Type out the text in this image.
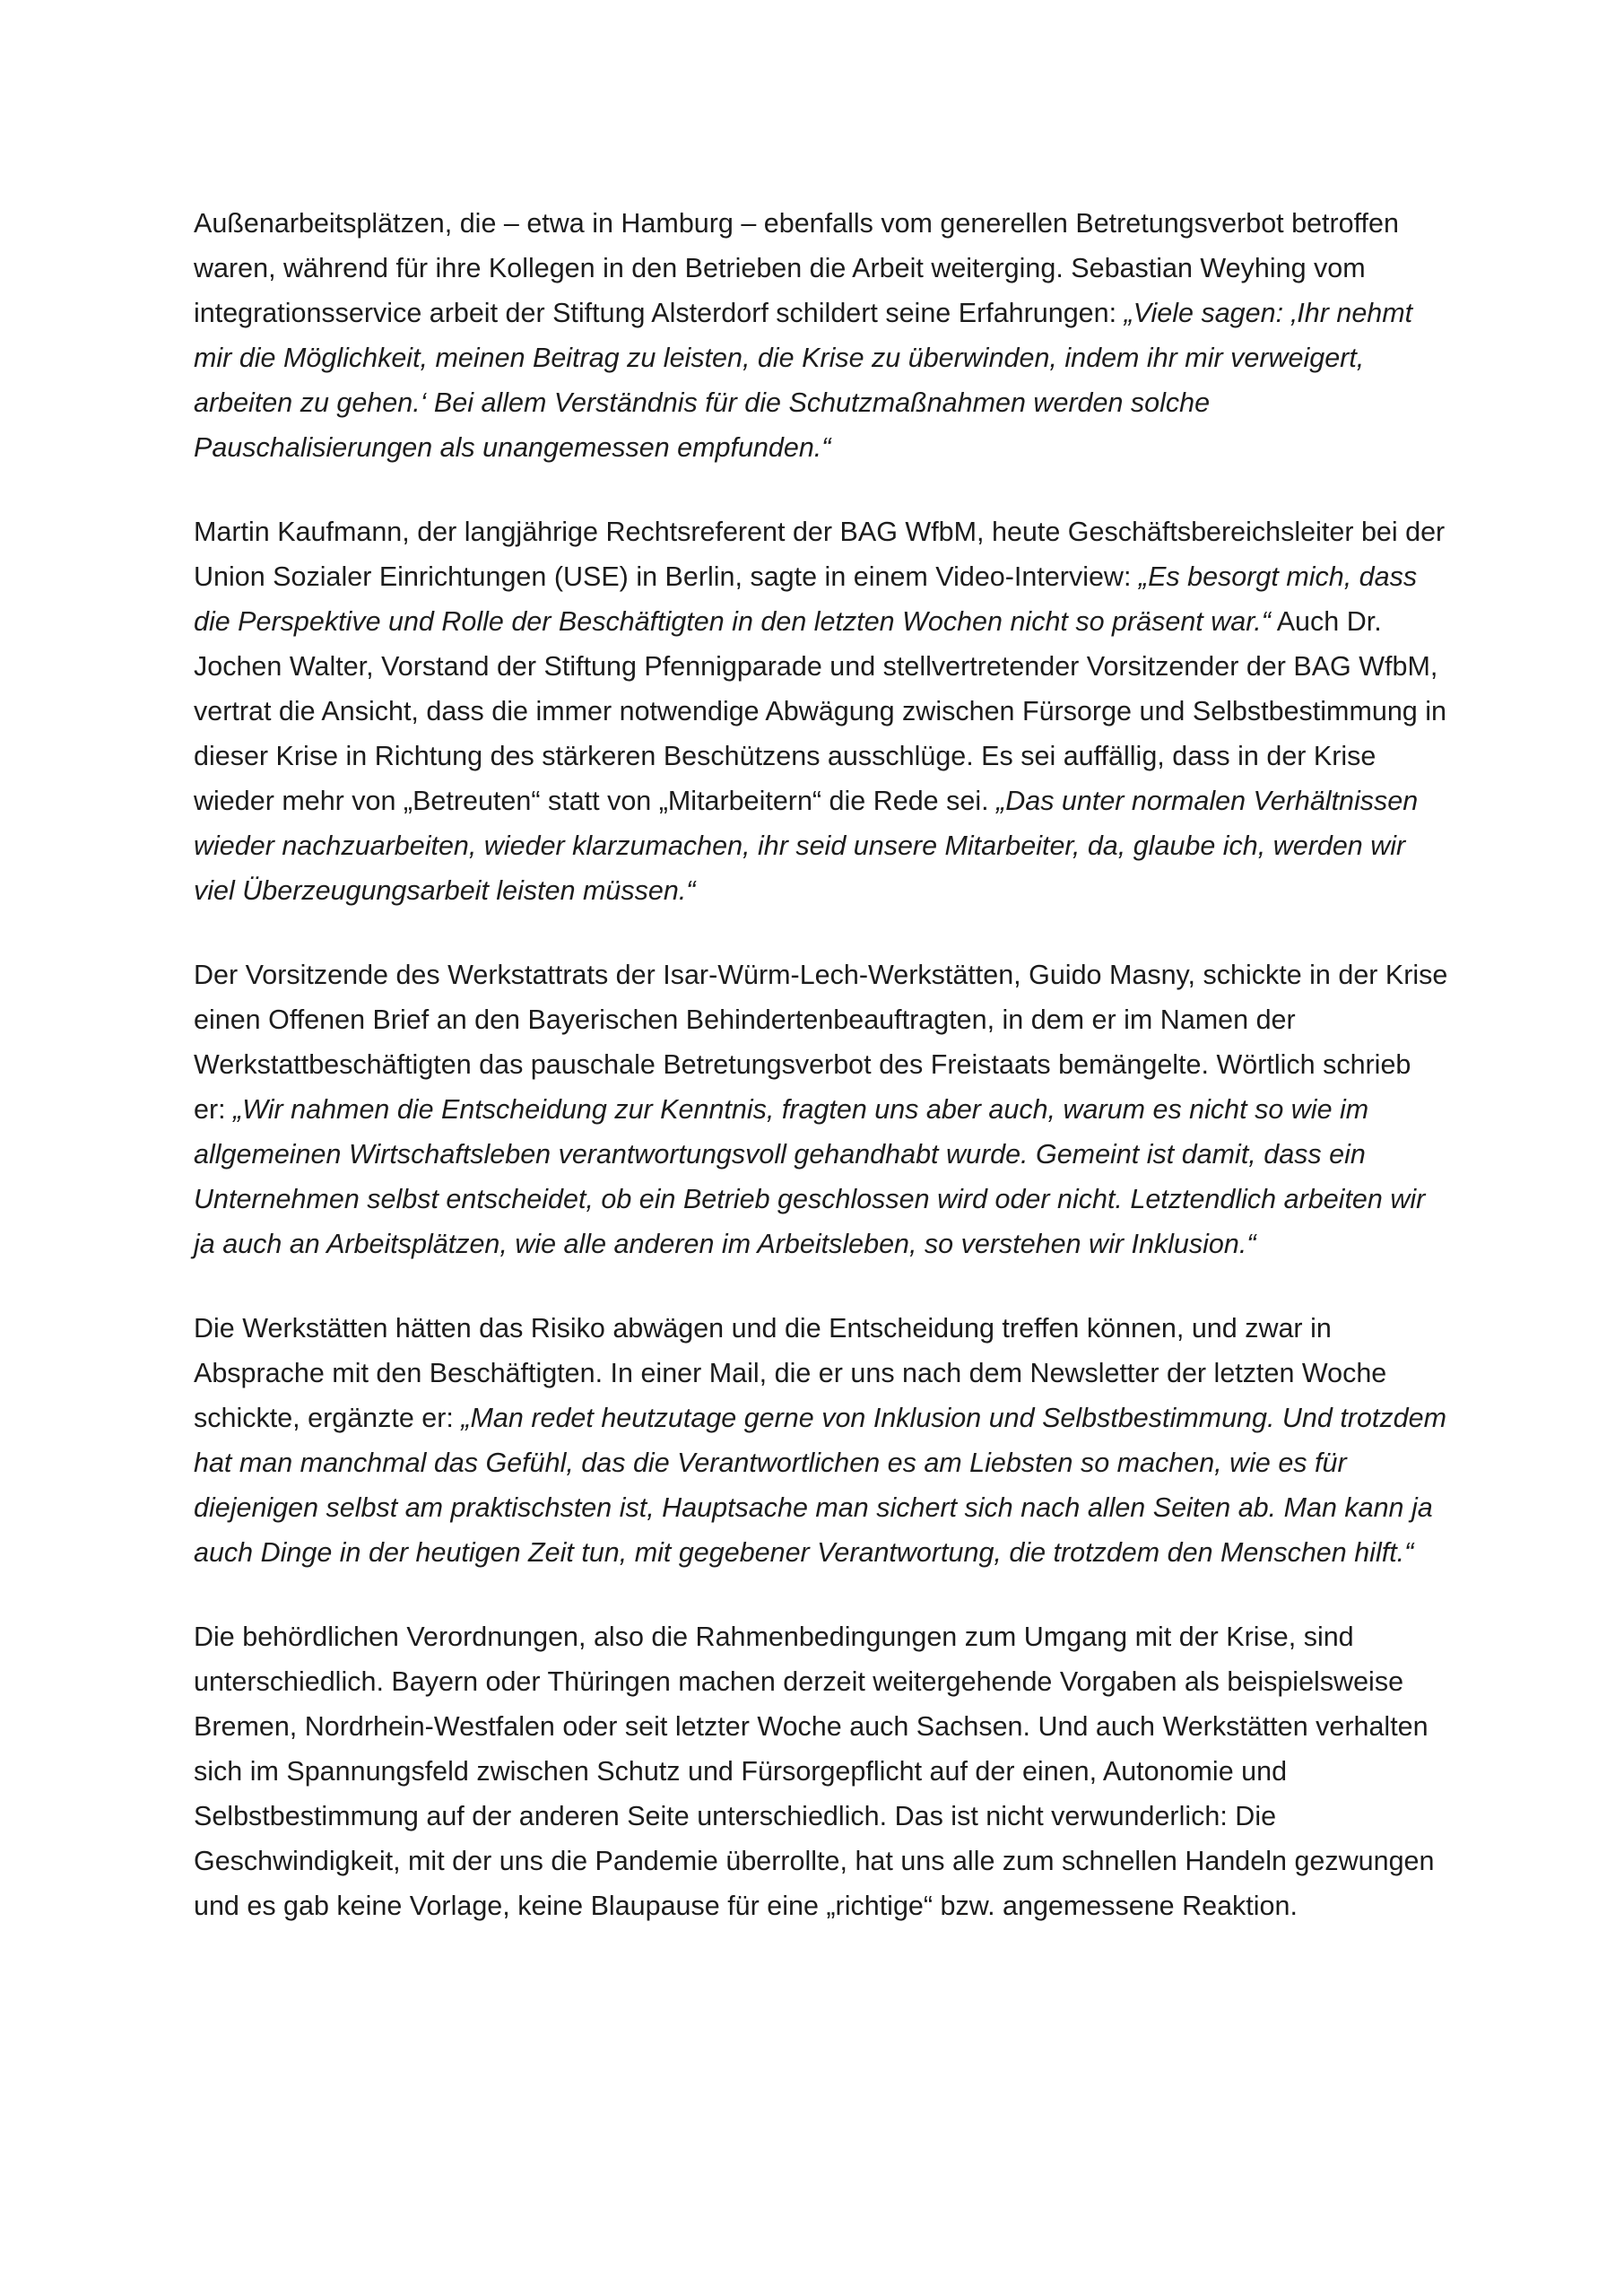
Außenarbeitsplätzen, die – etwa in Hamburg – ebenfalls vom generellen Betretungsverbot betroffen waren, während für ihre Kollegen in den Betrieben die Arbeit weiterging. Sebastian Weyhing vom integrationsservice arbeit der Stiftung Alsterdorf schildert seine Erfahrungen: „Viele sagen: ‚Ihr nehmt mir die Möglichkeit, meinen Beitrag zu leisten, die Krise zu überwinden, indem ihr mir verweigert, arbeiten zu gehen.‘ Bei allem Verständnis für die Schutzmaßnahmen werden solche Pauschalisierungen als unangemessen empfunden.“

Martin Kaufmann, der langjährige Rechtsreferent der BAG WfbM, heute Geschäftsbereichsleiter bei der Union Sozialer Einrichtungen (USE) in Berlin, sagte in einem Video-Interview: „Es besorgt mich, dass die Perspektive und Rolle der Beschäftigten in den letzten Wochen nicht so präsent war.“ Auch Dr. Jochen Walter, Vorstand der Stiftung Pfennigparade und stellvertretender Vorsitzender der BAG WfbM, vertrat die Ansicht, dass die immer notwendige Abwägung zwischen Fürsorge und Selbstbestimmung in dieser Krise in Richtung des stärkeren Beschützens ausschlüge. Es sei auffällig, dass in der Krise wieder mehr von „Betreuten“ statt von „Mitarbeitern“ die Rede sei. „Das unter normalen Verhältnissen wieder nachzuarbeiten, wieder klarzumachen, ihr seid unsere Mitarbeiter, da, glaube ich, werden wir viel Überzeugungsarbeit leisten müssen.“

Der Vorsitzende des Werkstattrats der Isar-Würm-Lech-Werkstätten, Guido Masny, schickte in der Krise einen Offenen Brief an den Bayerischen Behindertenbeauftragten, in dem er im Namen der Werkstattbeschäftigten das pauschale Betretungsverbot des Freistaats bemängelte. Wörtlich schrieb er: „Wir nahmen die Entscheidung zur Kenntnis, fragten uns aber auch, warum es nicht so wie im allgemeinen Wirtschaftsleben verantwortungsvoll gehandhabt wurde. Gemeint ist damit, dass ein Unternehmen selbst entscheidet, ob ein Betrieb geschlossen wird oder nicht. Letztendlich arbeiten wir ja auch an Arbeitsplätzen, wie alle anderen im Arbeitsleben, so verstehen wir Inklusion.“

Die Werkstätten hätten das Risiko abwägen und die Entscheidung treffen können, und zwar in Absprache mit den Beschäftigten. In einer Mail, die er uns nach dem Newsletter der letzten Woche schickte, ergänzte er: „Man redet heutzutage gerne von Inklusion und Selbstbestimmung. Und trotzdem hat man manchmal das Gefühl, das die Verantwortlichen es am Liebsten so machen, wie es für diejenigen selbst am praktischsten ist, Hauptsache man sichert sich nach allen Seiten ab. Man kann ja auch Dinge in der heutigen Zeit tun, mit gegebener Verantwortung, die trotzdem den Menschen hilft.“

Die behördlichen Verordnungen, also die Rahmenbedingungen zum Umgang mit der Krise, sind unterschiedlich. Bayern oder Thüringen machen derzeit weitergehende Vorgaben als beispielsweise Bremen, Nordrhein-Westfalen oder seit letzter Woche auch Sachsen. Und auch Werkstätten verhalten sich im Spannungsfeld zwischen Schutz und Fürsorgepflicht auf der einen, Autonomie und Selbstbestimmung auf der anderen Seite unterschiedlich. Das ist nicht verwunderlich: Die Geschwindigkeit, mit der uns die Pandemie überrollte, hat uns alle zum schnellen Handeln gezwungen und es gab keine Vorlage, keine Blaupause für eine „richtige“ bzw. angemessene Reaktion.
